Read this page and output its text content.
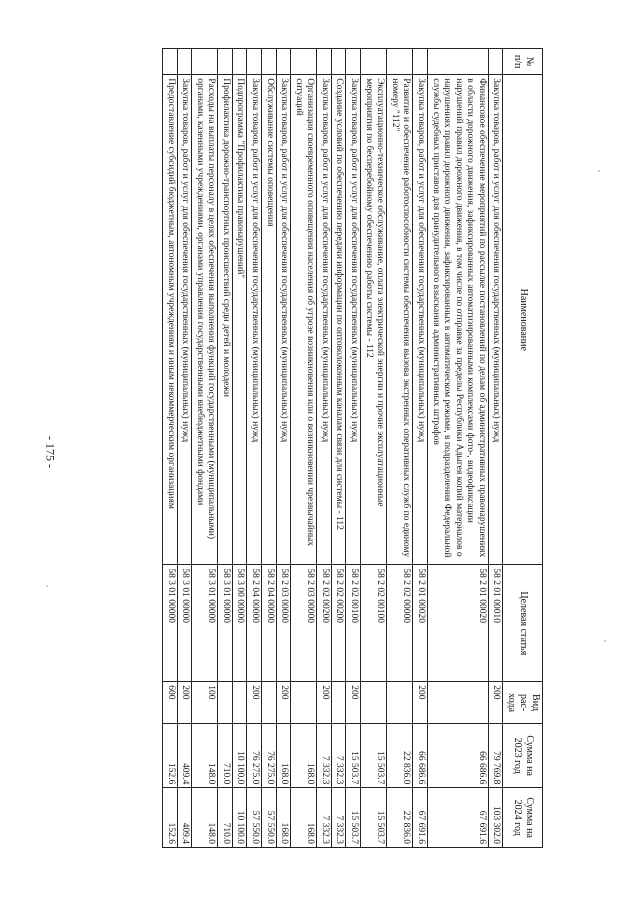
- 175 -
№ п/п	Наименование	Целевая статья	Вид рас-хода	Сумма на 2023 год	Сумма на 2024 год
	Закупка товаров, работ и услуг для обеспечения государственных (муниципальных) нужд	58 2 01 00010	200	79 769.8	103 302.0
	Финансовое обеспечение мероприятий по рассылке постановлений по делам об административных правонарушениях в области дорожного движения, зафиксированных автоматизированными комплексами фото-, видеофиксации нарушений правил дорожного движения, в том числе по отправке за пределы Республики Адыгея копий материалов о нарушениях правил дорожного движения, зафиксированных в автоматическом режиме, в подразделения Федеральной службы судебных приставов для принудительного взыскания административных штрафов	58 2 01 00020		66 686.6	67 691.6
	Закупка товаров, работ и услуг для обеспечения государственных (муниципальных) нужд	58 2 01 00020	200	66 686.6	67 691.6
	Развитие и обеспечение работоспособности системы обеспечения вызова экстренных оперативных служб по единому номеру "112"	58 2 02 00000		22 836.0	22 836.0
	Эксплуатационно-техническое обслуживание, оплата электрической энергии и прочие эксплуатационные мероприятия по бесперебойному обеспечению работы системы - 112	58 2 02 00100		15 503.7	15 503.7
	Закупка товаров, работ и услуг для обеспечения государственных (муниципальных) нужд	58 2 02 00100	200	15 503.7	15 503.7
	Создание условий по обеспечению передачи информации по оптоволоконным каналам связи для системы - 112	58 2 02 00200		7 332.3	7 332.3
	Закупка товаров, работ и услуг для обеспечения государственных (муниципальных) нужд	58 2 02 00200	200	7 332.3	7 332.3
	Организация своевременного оповещения населения об угрозе возникновения или о возникновении чрезвычайных ситуаций	58 2 03 00000		168.0	168.0
	Закупка товаров, работ и услуг для обеспечения государственных (муниципальных) нужд	58 2 03 00000	200	168.0	168.0
	Обслуживание системы оповещения	58 2 04 00000		76 275.0	57 550.0
	Закупка товаров, работ и услуг для обеспечения государственных (муниципальных) нужд	58 2 04 00000	200	76 275.0	57 550.0
	Подпрограмма "Профилактика правонарушений"	58 3 00 00000		10 100.0	10 100.0
	Профилактика дорожно-транспортных происшествий среди детей и молодежи	58 3 01 00000		710.0	710.0
	Расходы на выплаты персоналу в целях обеспечения выполнения функций государственными (муниципальными) органами, казенными учреждениями, органами управления государственными внебюджетными фондами	58 3 01 00000	100	148.0	148.0
	Закупка товаров, работ и услуг для обеспечения государственных (муниципальных) нужд	58 3 01 00000	200	409.4	409.4
	Предоставление субсидий бюджетным, автономным учреждениям и иным некоммерческим организациям	58 3 01 00000	600	152.6	152.6
